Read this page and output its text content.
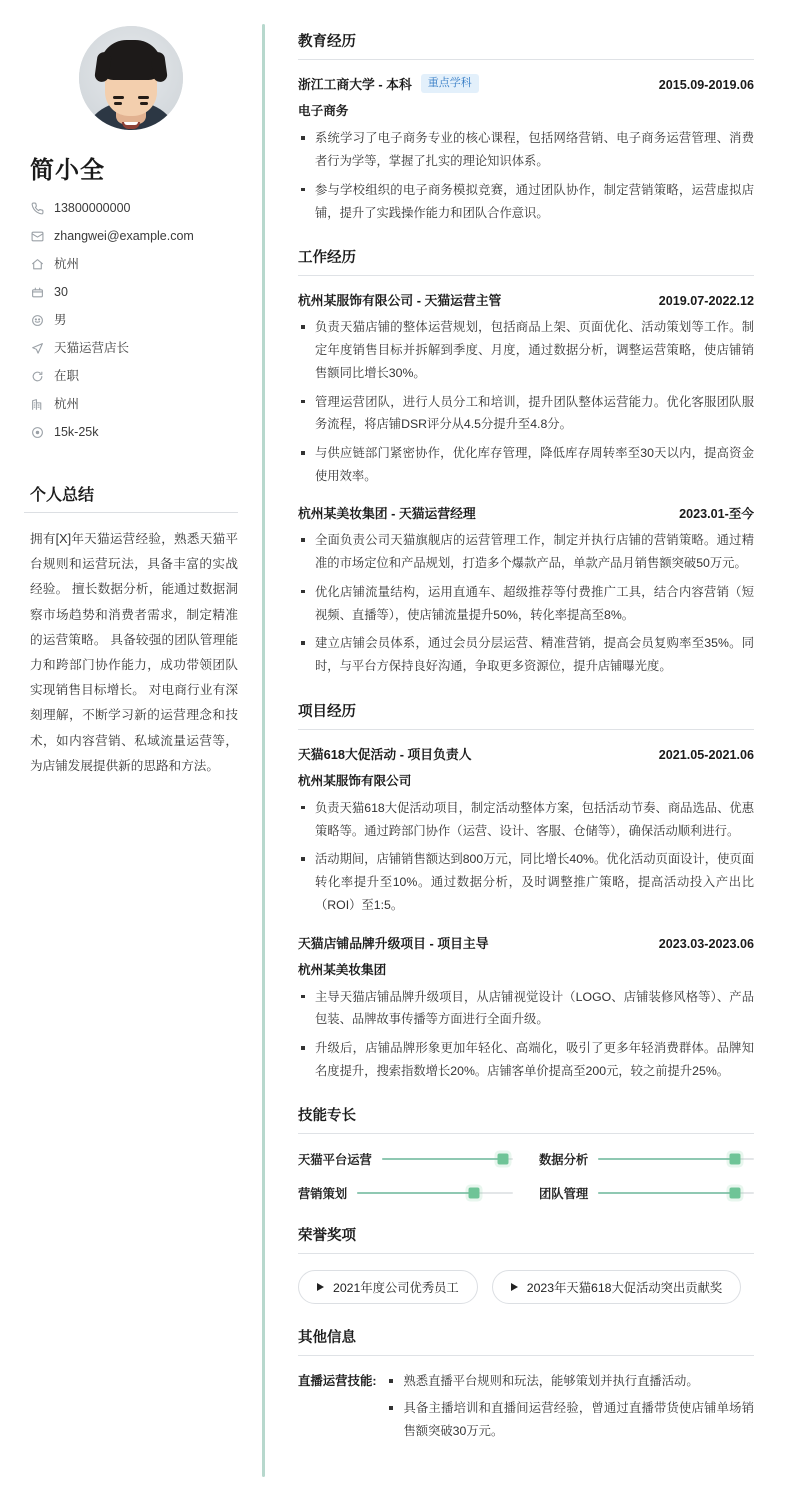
简小全
13800000000
zhangwei@example.com
杭州
30
男
天猫运营店长
在职
杭州
15k-25k
个人总结
拥有[X]年天猫运营经验，熟悉天猫平台规则和运营玩法，具备丰富的实战经验。 擅长数据分析，能通过数据洞察市场趋势和消费者需求，制定精准的运营策略。 具备较强的团队管理能力和跨部门协作能力，成功带领团队实现销售目标增长。 对电商行业有深刻理解，不断学习新的运营理念和技术，如内容营销、私域流量运营等，为店铺发展提供新的思路和方法。
教育经历
浙江工商大学 - 本科	重点学科	2015.09-2019.06
电子商务
系统学习了电子商务专业的核心课程，包括网络营销、电子商务运营管理、消费者行为学等，掌握了扎实的理论知识体系。
参与学校组织的电子商务模拟竞赛，通过团队协作，制定营销策略，运营虚拟店铺，提升了实践操作能力和团队合作意识。
工作经历
杭州某服饰有限公司 - 天猫运营主管	2019.07-2022.12
负责天猫店铺的整体运营规划，包括商品上架、页面优化、活动策划等工作。制定年度销售目标并拆解到季度、月度，通过数据分析，调整运营策略，使店铺销售额同比增长30%。
管理运营团队，进行人员分工和培训，提升团队整体运营能力。优化客服团队服务流程，将店铺DSR评分从4.5分提升至4.8分。
与供应链部门紧密协作，优化库存管理，降低库存周转率至30天以内，提高资金使用效率。
杭州某美妆集团 - 天猫运营经理	2023.01-至今
全面负责公司天猫旗舰店的运营管理工作，制定并执行店铺的营销策略。通过精准的市场定位和产品规划，打造多个爆款产品，单款产品月销售额突破50万元。
优化店铺流量结构，运用直通车、超级推荐等付费推广工具，结合内容营销（短视频、直播等），使店铺流量提升50%，转化率提高至8%。
建立店铺会员体系，通过会员分层运营、精准营销，提高会员复购率至35%。同时，与平台方保持良好沟通，争取更多资源位，提升店铺曝光度。
项目经历
天猫618大促活动 - 项目负责人	2021.05-2021.06
杭州某服饰有限公司
负责天猫618大促活动项目，制定活动整体方案，包括活动节奏、商品选品、优惠策略等。通过跨部门协作（运营、设计、客服、仓储等），确保活动顺利进行。
活动期间，店铺销售额达到800万元，同比增长40%。优化活动页面设计，使页面转化率提升至10%。通过数据分析，及时调整推广策略，提高活动投入产出比（ROI）至1:5。
天猫店铺品牌升级项目 - 项目主导	2023.03-2023.06
杭州某美妆集团
主导天猫店铺品牌升级项目，从店铺视觉设计（LOGO、店铺装修风格等）、产品包装、品牌故事传播等方面进行全面升级。
升级后，店铺品牌形象更加年轻化、高端化，吸引了更多年轻消费群体。品牌知名度提升，搜索指数增长20%。店铺客单价提高至200元，较之前提升25%。
技能专长
天猫平台运营	数据分析
营销策划	团队管理
荣誉奖项
2021年度公司优秀员工	2023年天猫618大促活动突出贡献奖
其他信息
直播运营技能:	熟悉直播平台规则和玩法，能够策划并执行直播活动。
具备主播培训和直播间运营经验，曾通过直播带货使店铺单场销售额突破30万元。
